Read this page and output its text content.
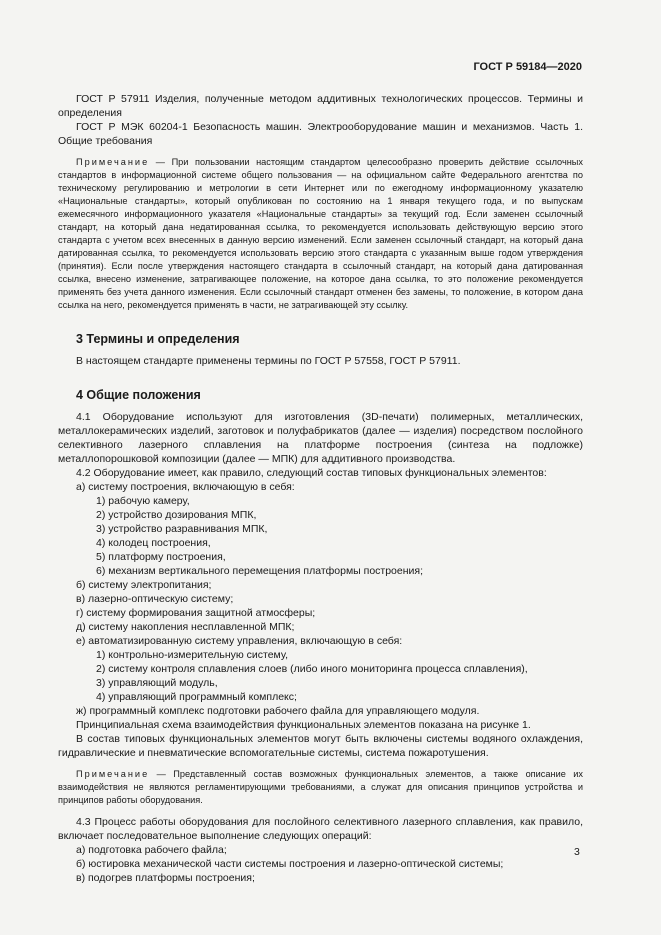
ГОСТ Р 59184—2020

ГОСТ Р 57911 Изделия, полученные методом аддитивных технологических процессов. Термины и определения

ГОСТ Р МЭК 60204-1 Безопасность машин. Электрооборудование машин и механизмов. Часть 1. Общие требования

Примечание — При пользовании настоящим стандартом целесообразно проверить действие ссылочных стандартов в информационной системе общего пользования — на официальном сайте Федерального агентства по техническому регулированию и метрологии в сети Интернет или по ежегодному информационному указателю «Национальные стандарты», который опубликован по состоянию на 1 января текущего года, и по выпускам ежемесячного информационного указателя «Национальные стандарты» за текущий год. Если заменен ссылочный стандарт, на который дана недатированная ссылка, то рекомендуется использовать действующую версию этого стандарта с учетом всех внесенных в данную версию изменений. Если заменен ссылочный стандарт, на который дана датированная ссылка, то рекомендуется использовать версию этого стандарта с указанным выше годом утверждения (принятия). Если после утверждения настоящего стандарта в ссылочный стандарт, на который дана датированная ссылка, внесено изменение, затрагивающее положение, на которое дана ссылка, то это положение рекомендуется применять без учета данного изменения. Если ссылочный стандарт отменен без замены, то положение, в котором дана ссылка на него, рекомендуется применять в части, не затрагивающей эту ссылку.

3 Термины и определения

В настоящем стандарте применены термины по ГОСТ Р 57558, ГОСТ Р 57911.

4 Общие положения

4.1 Оборудование используют для изготовления (3D-печати) полимерных, металлических, металлокерамических изделий, заготовок и полуфабрикатов (далее — изделия) посредством послойного селективного лазерного сплавления на платформе построения (синтеза на подложке) металлопорошковой композиции (далее — МПК) для аддитивного производства.

4.2 Оборудование имеет, как правило, следующий состав типовых функциональных элементов:

а) системy построения, включающую в себя:

1) рабочую камеру,

2) устройство дозирования МПК,

3) устройство разравнивания МПК,

4) колодец построения,

5) платформу построения,

6) механизм вертикального перемещения платформы построения;

б) систему электропитания;

в) лазерно-оптическую систему;

г) систему формирования защитной атмосферы;

д) систему накопления несплавленной МПК;

е) автоматизированную систему управления, включающую в себя:

1) контрольно-измерительную систему,

2) систему контроля сплавления слоев (либо иного мониторинга процесса сплавления),

3) управляющий модуль,

4) управляющий программный комплекс;

ж) программный комплекс подготовки рабочего файла для управляющего модуля.

Принципиальная схема взаимодействия функциональных элементов показана на рисунке 1.

В состав типовых функциональных элементов могут быть включены системы водяного охлаждения, гидравлические и пневматические вспомогательные системы, система пожаротушения.

Примечание — Представленный состав возможных функциональных элементов, а также описание их взаимодействия не являются регламентирующими требованиями, а служат для описания принципов устройства и принципов работы оборудования.

4.3 Процесс работы оборудования для послойного селективного лазерного сплавления, как правило, включает последовательное выполнение следующих операций:

а) подготовка рабочего файла;

б) юстировка механической части системы построения и лазерно-оптической системы;

в) подогрев платформы построения;

3
